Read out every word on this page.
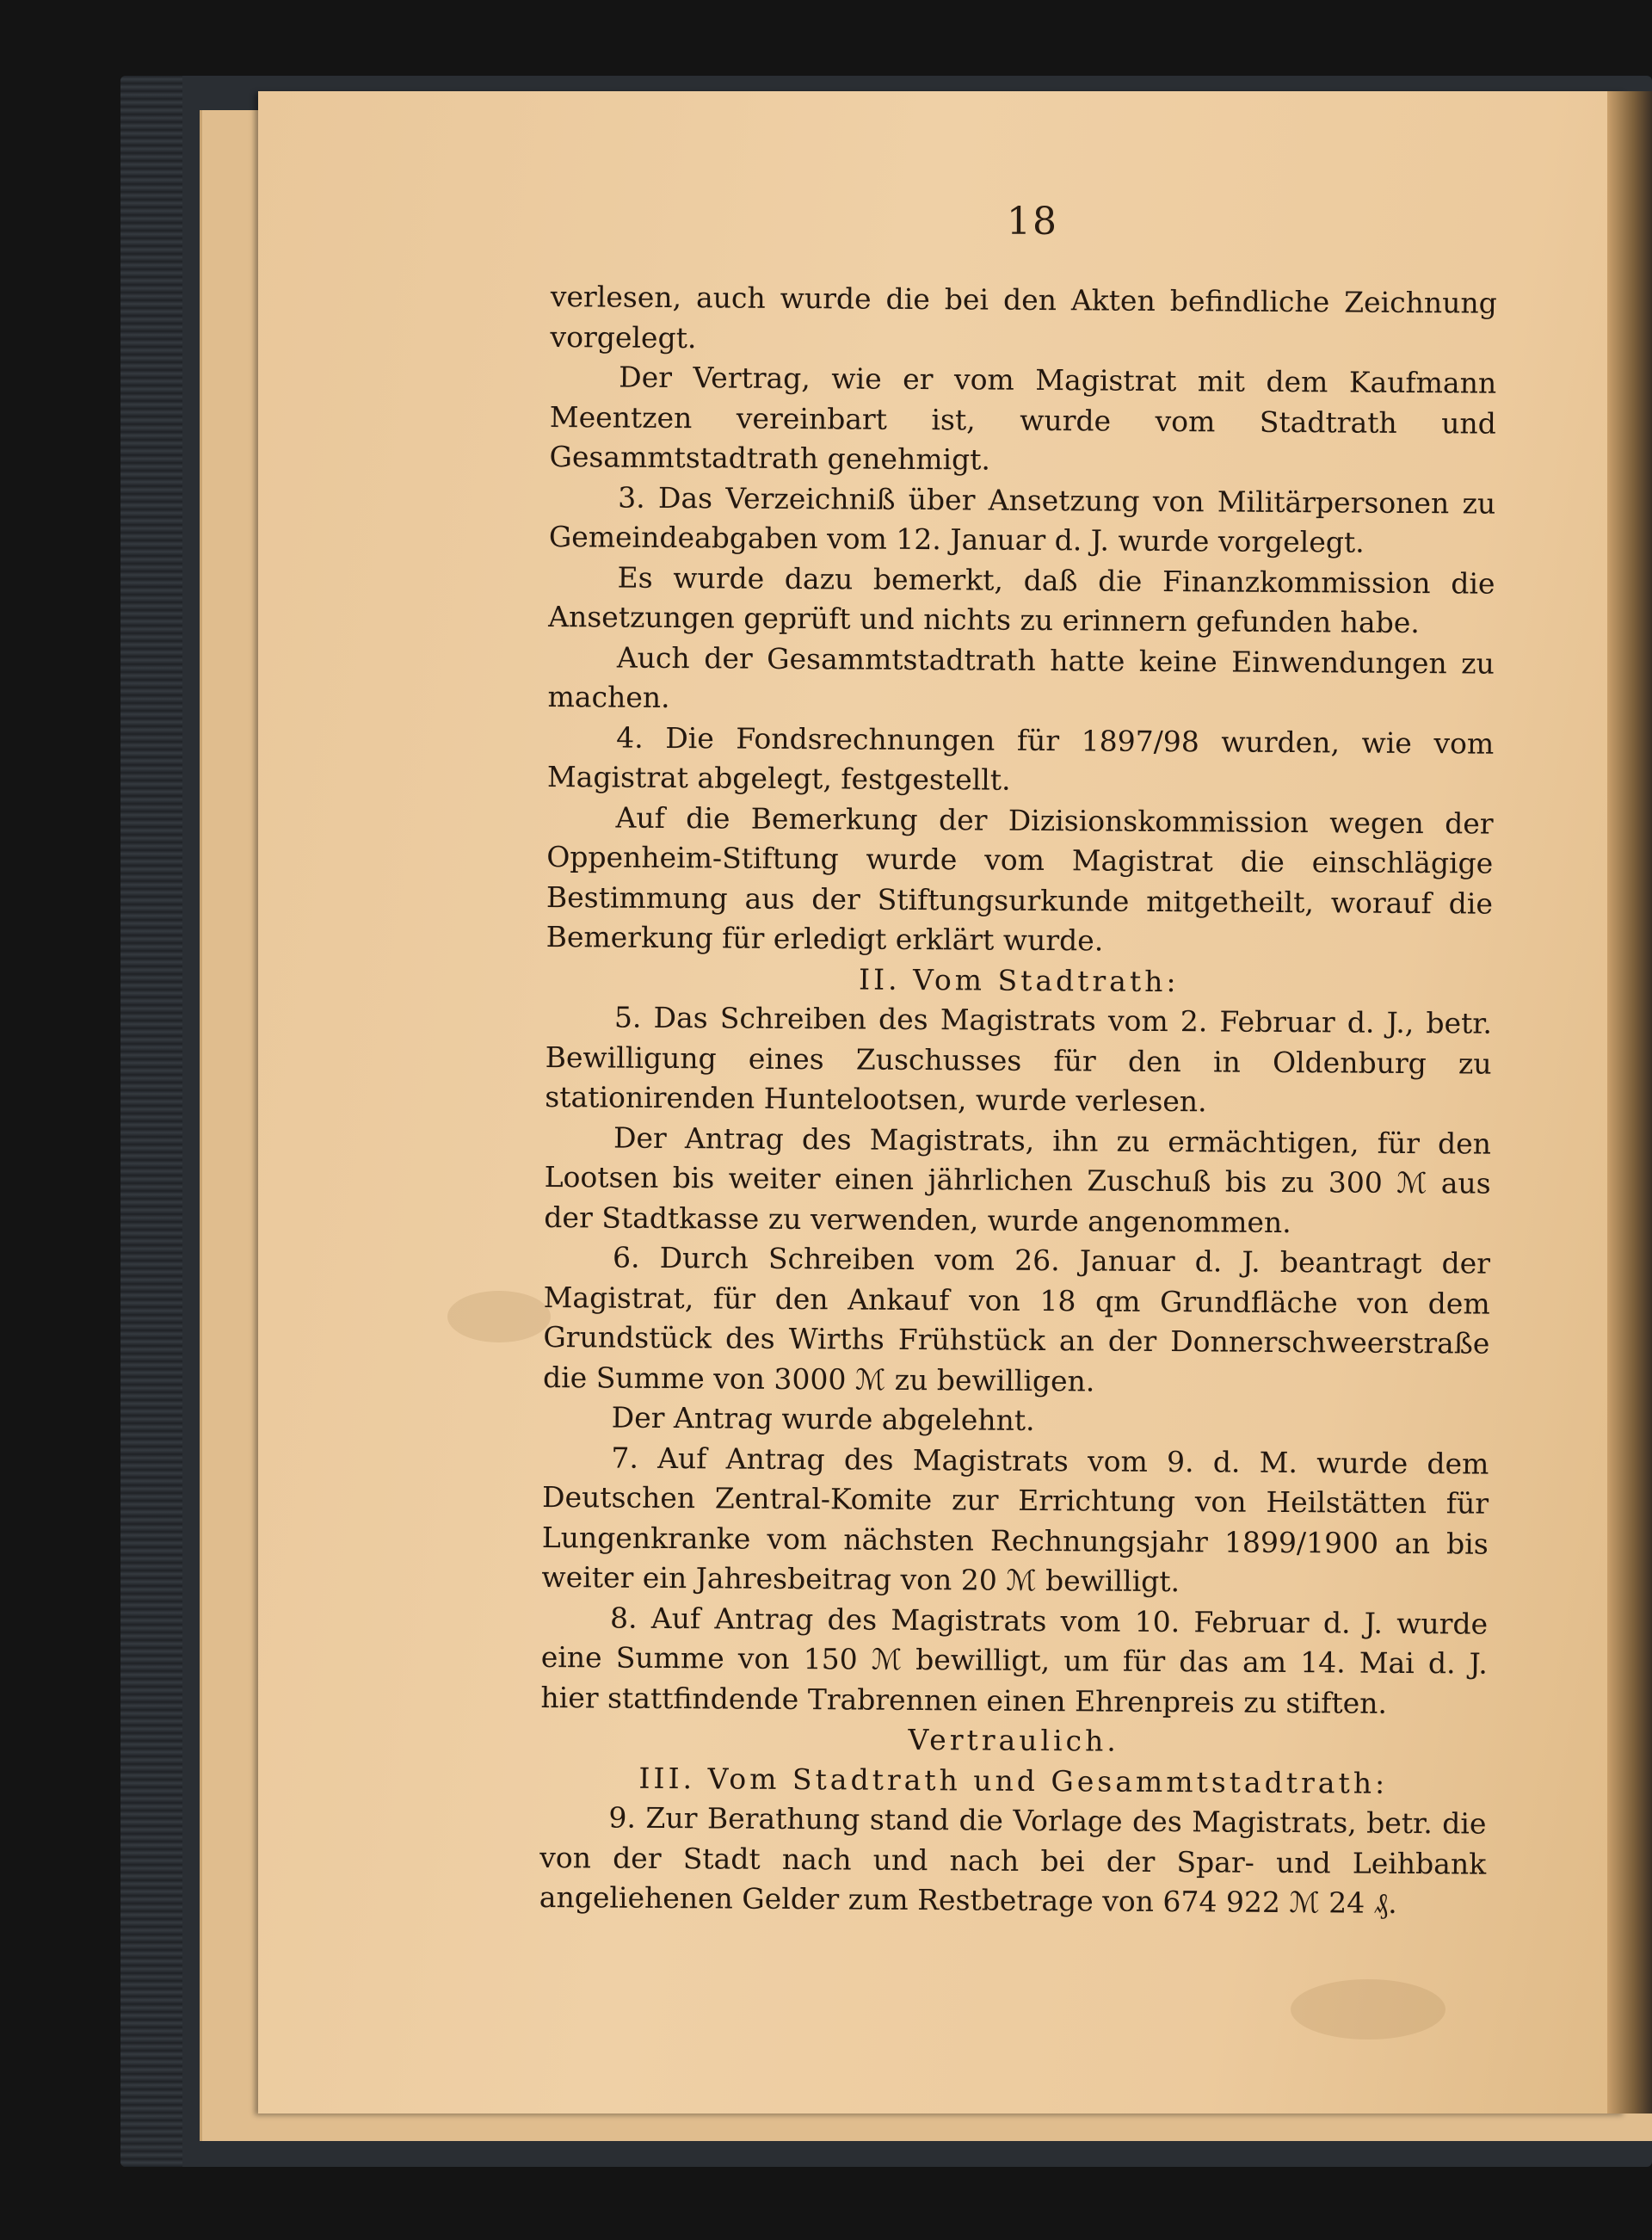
18

verlesen, auch wurde die bei den Akten befindliche Zeichnung vorgelegt.

Der Vertrag, wie er vom Magistrat mit dem Kaufmann Meentzen vereinbart ist, wurde vom Stadtrath und Gesammtstadtrath genehmigt.

3. Das Verzeichniß über Ansetzung von Militärpersonen zu Gemeindeabgaben vom 12. Januar d. J. wurde vorgelegt.

Es wurde dazu bemerkt, daß die Finanzkommission die Ansetzungen geprüft und nichts zu erinnern gefunden habe.

Auch der Gesammtstadtrath hatte keine Einwendungen zu machen.

4. Die Fondsrechnungen für 1897/98 wurden, wie vom Magistrat abgelegt, festgestellt.

Auf die Bemerkung der Dizisionskommission wegen der Oppenheim-Stiftung wurde vom Magistrat die einschlägige Bestimmung aus der Stiftungsurkunde mitgetheilt, worauf die Bemerkung für erledigt erklärt wurde.

II. Vom Stadtrath:

5. Das Schreiben des Magistrats vom 2. Februar d. J., betr. Bewilligung eines Zuschusses für den in Oldenburg zu stationirenden Huntelootsen, wurde verlesen.

Der Antrag des Magistrats, ihn zu ermächtigen, für den Lootsen bis weiter einen jährlichen Zuschuß bis zu 300 ℳ aus der Stadtkasse zu verwenden, wurde angenommen.

6. Durch Schreiben vom 26. Januar d. J. beantragt der Magistrat, für den Ankauf von 18 qm Grundfläche von dem Grundstück des Wirths Frühstück an der Donnerschweerstraße die Summe von 3000 ℳ zu bewilligen.

Der Antrag wurde abgelehnt.

7. Auf Antrag des Magistrats vom 9. d. M. wurde dem Deutschen Zentral-Komite zur Errichtung von Heilstätten für Lungenkranke vom nächsten Rechnungsjahr 1899/1900 an bis weiter ein Jahresbeitrag von 20 ℳ bewilligt.

8. Auf Antrag des Magistrats vom 10. Februar d. J. wurde eine Summe von 150 ℳ bewilligt, um für das am 14. Mai d. J. hier stattfindende Trabrennen einen Ehrenpreis zu stiften.

Vertraulich.

III. Vom Stadtrath und Gesammtstadtrath:

9. Zur Berathung stand die Vorlage des Magistrats, betr. die von der Stadt nach und nach bei der Spar- und Leihbank angeliehenen Gelder zum Restbetrage von 674 922 ℳ 24 ₰.
